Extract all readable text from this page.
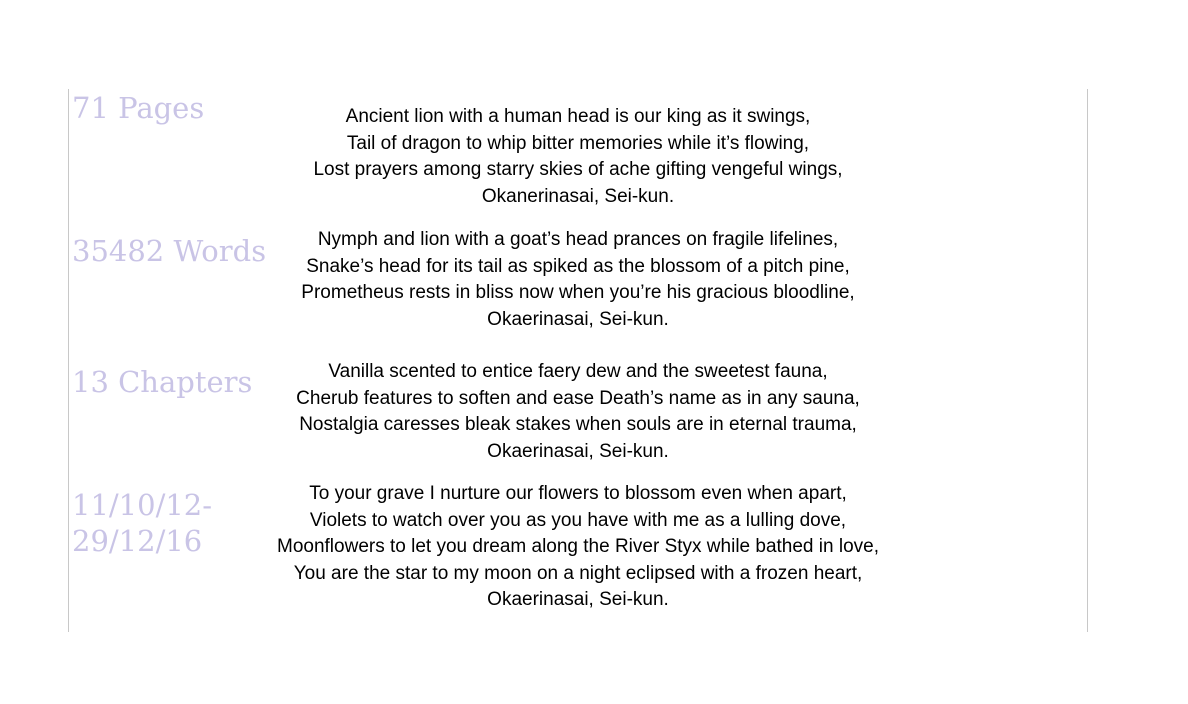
71 Pages
35482 Words
13 Chapters
11/10/12-
29/12/16
Ancient lion with a human head is our king as it swings,
Tail of dragon to whip bitter memories while it’s flowing,
Lost prayers among starry skies of ache gifting vengeful wings,
Okanerinasai, Sei-kun.
Nymph and lion with a goat’s head prances on fragile lifelines,
Snake’s head for its tail as spiked as the blossom of a pitch pine,
Prometheus rests in bliss now when you’re his gracious bloodline,
Okaerinasai, Sei-kun.
Vanilla scented to entice faery dew and the sweetest fauna,
Cherub features to soften and ease Death’s name as in any sauna,
Nostalgia caresses bleak stakes when souls are in eternal trauma,
Okaerinasai, Sei-kun.
To your grave I nurture our flowers to blossom even when apart,
Violets to watch over you as you have with me as a lulling dove,
Moonflowers to let you dream along the River Styx while bathed in love,
You are the star to my moon on a night eclipsed with a frozen heart,
Okaerinasai, Sei-kun.
